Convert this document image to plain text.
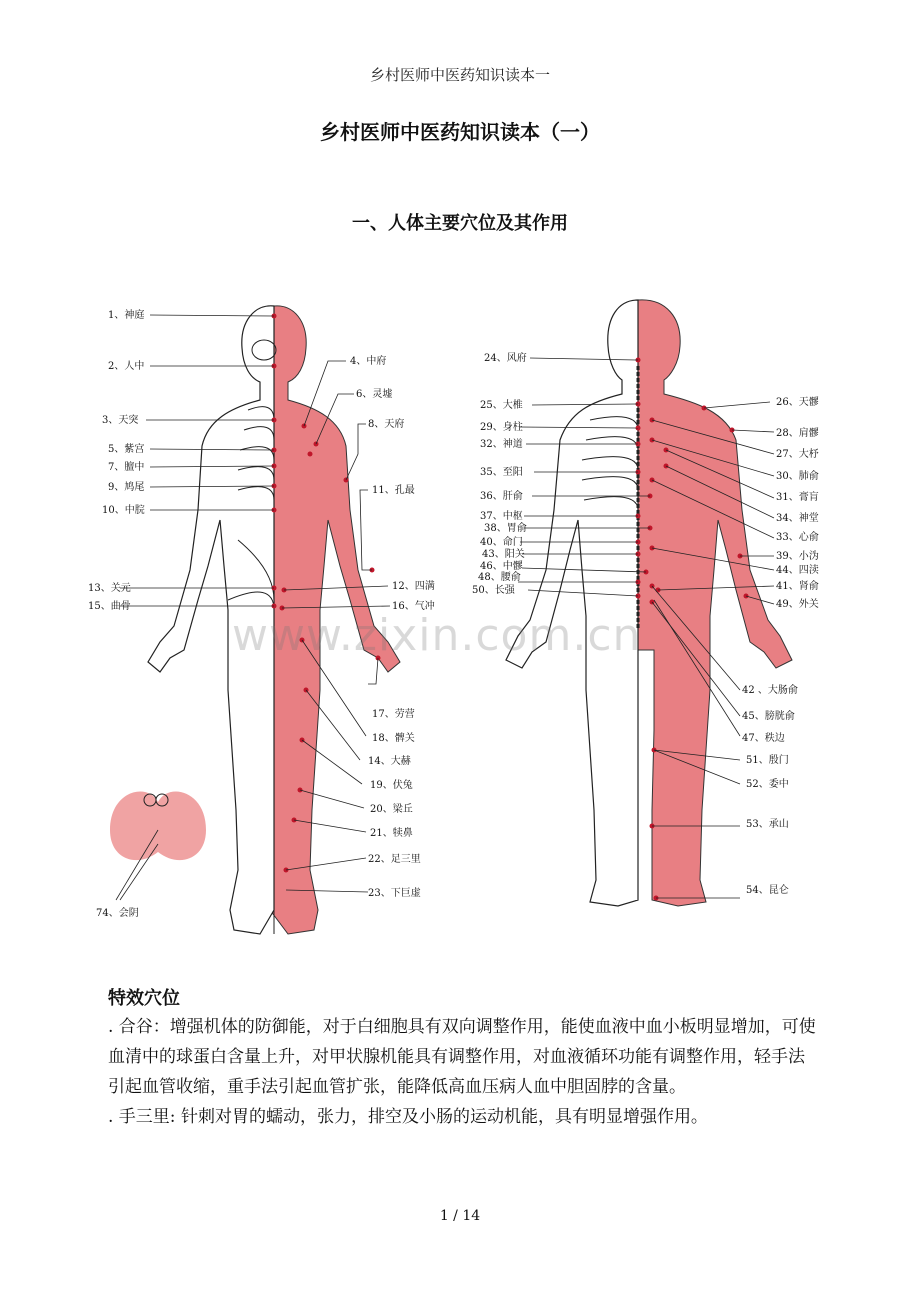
乡村医师中医药知识读本一
乡村医师中医药知识读本（一）
一、人体主要穴位及其作用
1、神庭
2、人中
3、天突
5、紫宫
7、膻中
9、鸠尾
10、中脘
13、关元
15、曲骨
4、中府
6、灵墟
8、天府
11、孔最
12、四满
16、气冲
17、劳营
18、髀关
14、大赫
19、伏兔
20、梁丘
21、犊鼻
22、足三里
23、下巨虚
74、会阴
24、风府
25、大椎
29、身柱
32、神道
35、至阳
36、肝俞
37、中枢
38、胃俞
40、命门
43、阳关
46、中髎
48、腰俞
50、长强
26、天髎
28、肩髎
27、大杼
30、肺俞
31、膏肓
34、神堂
33、心俞
39、小沩
44、四渎
41、肾俞
49、外关
42 、大肠俞
45、膀胱俞
47、秩边
51、殷门
52、委中
53、承山
54、昆仑
www.zixin.com.cn
特效穴位

. 合谷：增强机体的防御能，对于白细胞具有双向调整作用，能使血液中血小板明显增加，可使血清中的球蛋白含量上升，对甲状腺机能具有调整作用，对血液循环功能有调整作用，轻手法引起血管收缩，重手法引起血管扩张，能降低高血压病人血中胆固脖的含量。

. 手三里: 针刺对胃的蠕动，张力，排空及小肠的运动机能，具有明显增强作用。

1 / 14
